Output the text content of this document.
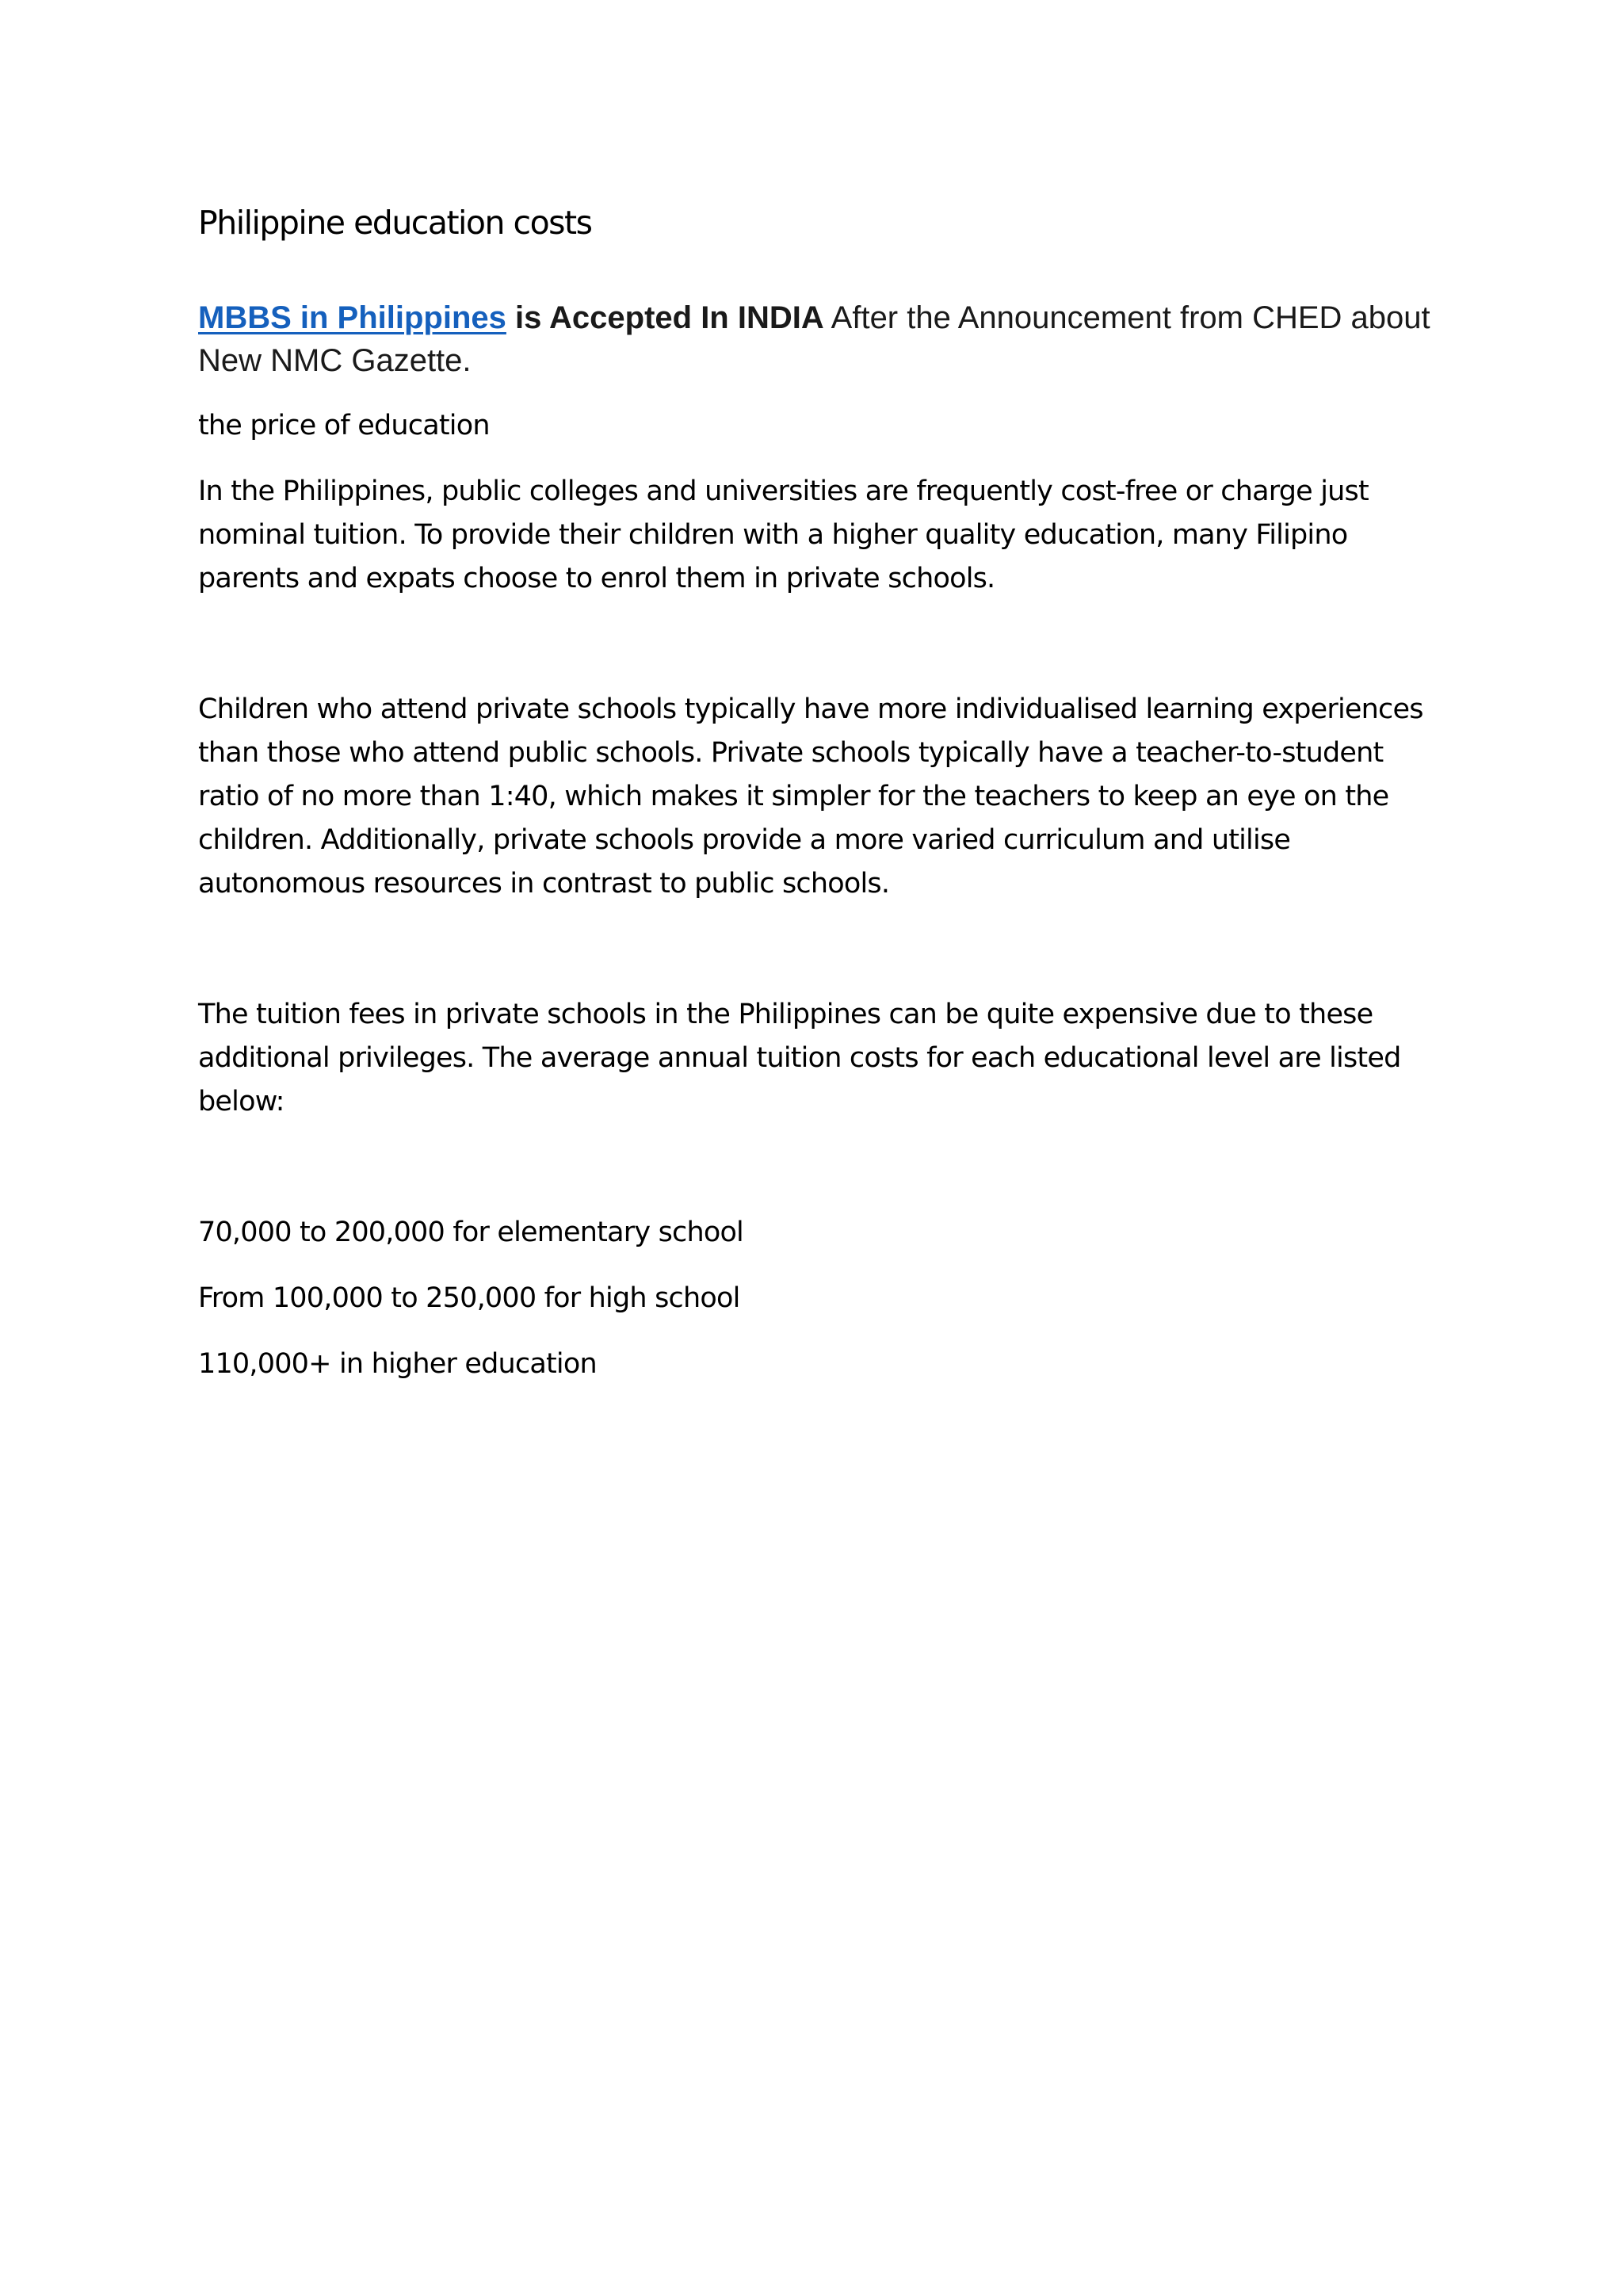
Philippine education costs

MBBS in Philippines is Accepted In INDIA After the Announcement from CHED about New NMC Gazette.

the price of education

In the Philippines, public colleges and universities are frequently cost-free or charge just nominal tuition. To provide their children with a higher quality education, many Filipino parents and expats choose to enrol them in private schools.

Children who attend private schools typically have more individualised learning experiences than those who attend public schools. Private schools typically have a teacher-to-student ratio of no more than 1:40, which makes it simpler for the teachers to keep an eye on the children. Additionally, private schools provide a more varied curriculum and utilise autonomous resources in contrast to public schools.

The tuition fees in private schools in the Philippines can be quite expensive due to these additional privileges. The average annual tuition costs for each educational level are listed below:

70,000 to 200,000 for elementary school

From 100,000 to 250,000 for high school

110,000+ in higher education
